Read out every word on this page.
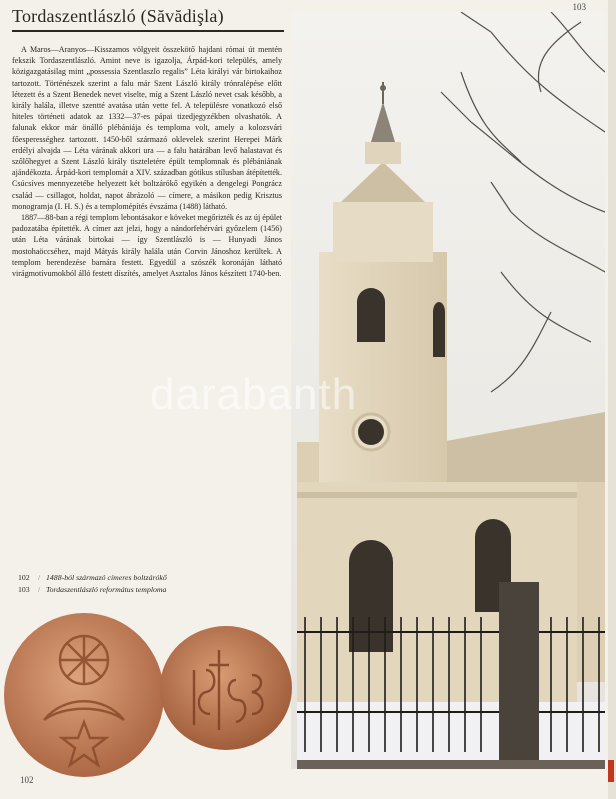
Tordaszentlászló (Săvădişla)	103

A Maros—Aranyos—Kisszamos völgyeit összekötő hajdani római út mentén fekszik Tordaszentlászló. Amint neve is igazolja, Árpád-kori település, amely közigazgatásilag mint „possessia Szentlaszlo regalis” Léta királyi vár birtokaihoz tartozott. Történészek szerint a falu már Szent László király trónralépése előtt létezett és a Szent Benedek nevet viselte, míg a Szent László nevet csak később, a király halála, illetve szentté avatása után vette fel. A településre vonatkozó első hiteles történeti adatok az 1332—37-es pápai tizedjegyzékben olvashatók. A falunak ekkor már önálló plébániája és temploma volt, amely a kolozsvári főesperességhez tartozott. 1450-ből származó oklevelek szerint Herepei Márk erdélyi alvajda — Léta várának akkori ura — a falu határában levő halastavat és szőlőhegyet a Szent László király tiszteletére épült templomnak és plébániának ajándékozta. Árpád-kori templomát a XIV. században gótikus stílusban átépítették. Csúcsíves mennyezetébe helyezett két boltzárókő egyikén a dengelegi Pongrácz család — csillagot, holdat, napot ábrázoló — címere, a másikon pedig Krisztus monogramja (I. H. S.) és a templomépítés évszáma (1488) látható.

1887—88-ban a régi templom lebontásakor e köveket megőrizték és az új épület padozatába építették. A címer azt jelzi, hogy a nándorfehérvári győzelem (1456) után Léta várának birtokai — így Szentlászló is — Hunyadi János mostohaöccséhez, majd Mátyás király halála után Corvin Jánoshoz kerültek. A templom berendezése barnára festett. Egyedül a szószék koronáján látható virágmotívumokból álló festett díszítés, amelyet Asztalos János készített 1740-ben.

102 / 1488-ból származó címeres boltzárókő
103 / Tordaszentlászló református temploma
darabanth
102
